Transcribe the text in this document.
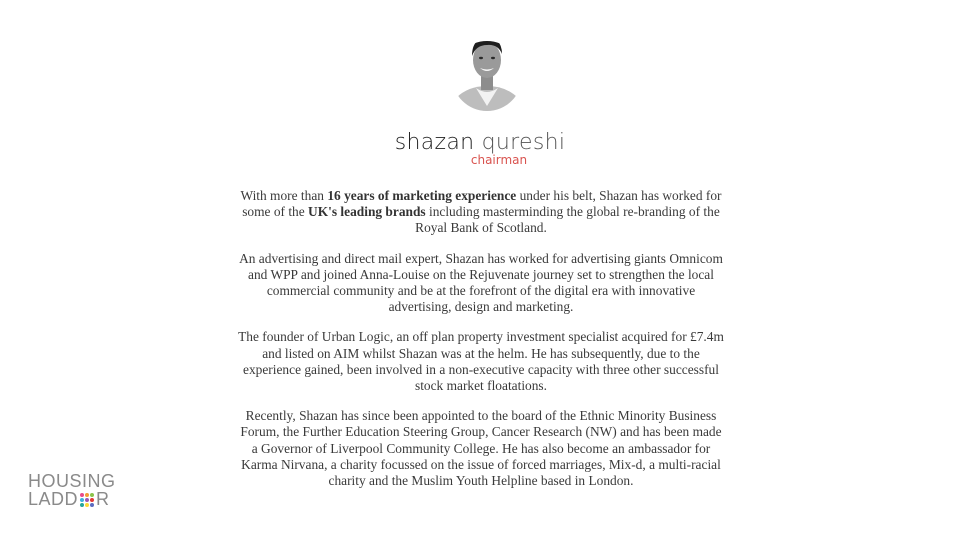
shazan qureshi
chairman

With more than 16 years of marketing experience under his belt, Shazan has worked for some of the UK's leading brands including masterminding the global re-branding of the Royal Bank of Scotland.

An advertising and direct mail expert, Shazan has worked for advertising giants Omnicom and WPP and joined Anna-Louise on the Rejuvenate journey set to strengthen the local commercial community and be at the forefront of the digital era with innovative advertising, design and marketing.

The founder of Urban Logic, an off plan property investment specialist acquired for £7.4m and listed on AIM whilst Shazan was at the helm. He has subsequently, due to the experience gained, been involved in a non-executive capacity with three other successful stock market floatations.

Recently, Shazan has since been appointed to the board of the Ethnic Minority Business Forum, the Further Education Steering Group, Cancer Research (NW) and has been made a Governor of Liverpool Community College. He has also become an ambassador for Karma Nirvana, a charity focussed on the issue of forced marriages, Mix-d, a multi-racial charity and the Muslim Youth Helpline based in London.

HOUSING
LADD R
